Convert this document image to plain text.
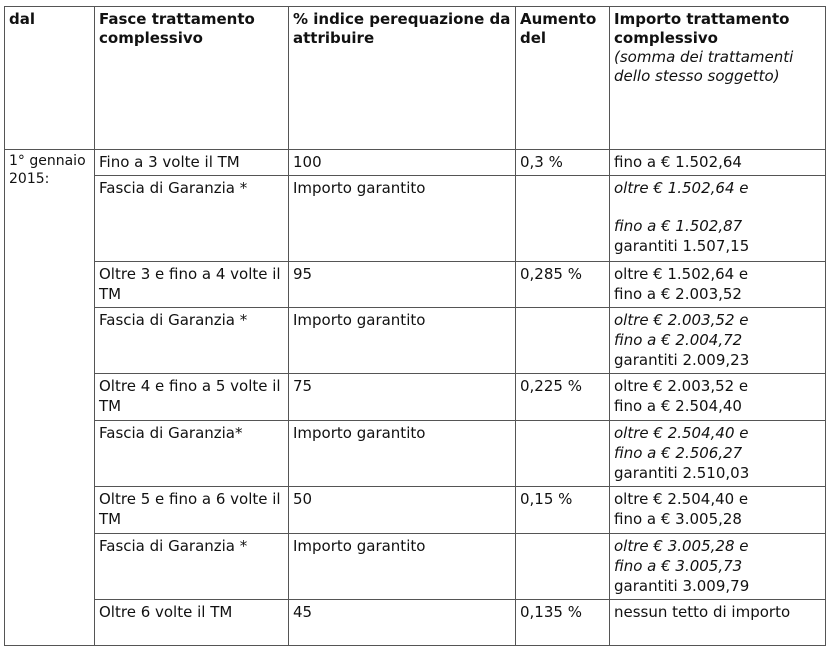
dal	Fasce trattamento complessivo	% indice perequazione da attribuire	Aumento del	Importo trattamento complessivo
(somma dei trattamenti dello stesso soggetto)

1° gennaio 2015:	Fino a 3 volte il TM	100	0,3 %	fino a € 1.502,64

	Fascia di Garanzia *	Importo garantito		oltre € 1.502,64 e
fino a € 1.502,87
garantiti 1.507,15

	Oltre 3 e fino a 4 volte il TM	95	0,285 %	oltre € 1.502,64 e
fino a € 2.003,52

	Fascia di Garanzia *	Importo garantito		oltre € 2.003,52 e
fino a € 2.004,72
garantiti 2.009,23

	Oltre 4 e fino a 5 volte il TM	75	0,225 %	oltre € 2.003,52 e
fino a € 2.504,40

	Fascia di Garanzia*	Importo garantito		oltre € 2.504,40 e
fino a € 2.506,27
garantiti 2.510,03

	Oltre 5 e fino a 6 volte il TM	50	0,15 %	oltre € 2.504,40 e
fino a € 3.005,28

	Fascia di Garanzia *	Importo garantito		oltre € 3.005,28 e
fino a € 3.005,73
garantiti 3.009,79

	Oltre 6 volte il TM	45	0,135 %	nessun tetto di importo
